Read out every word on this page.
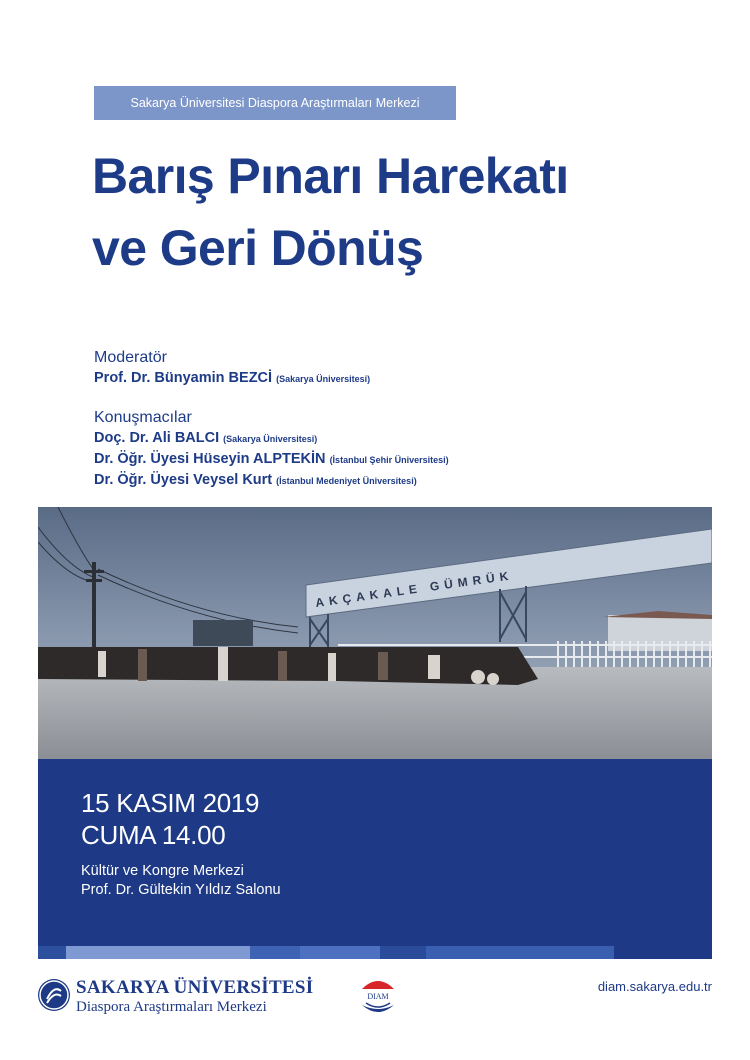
Sakarya Üniversitesi Diaspora Araştırmaları Merkezi
Barış Pınarı Harekatı
ve Geri Dönüş
Moderatör
Prof. Dr. Bünyamin BEZCİ (Sakarya Üniversitesi)
Konuşmacılar
Doç. Dr. Ali BALCI (Sakarya Üniversitesi)
Dr. Öğr. Üyesi Hüseyin ALPTEKİN (İstanbul Şehir Üniversitesi)
Dr. Öğr. Üyesi Veysel Kurt (İstanbul Medeniyet Üniversitesi)
AKÇAKALE GÜMRÜK
15 KASIM 2019
CUMA 14.00
Kültür ve Kongre Merkezi
Prof. Dr. Gültekin Yıldız Salonu
SAKARYA ÜNİVERSİTESİ
Diaspora Araştırmaları Merkezi
DIAM
diam.sakarya.edu.tr
